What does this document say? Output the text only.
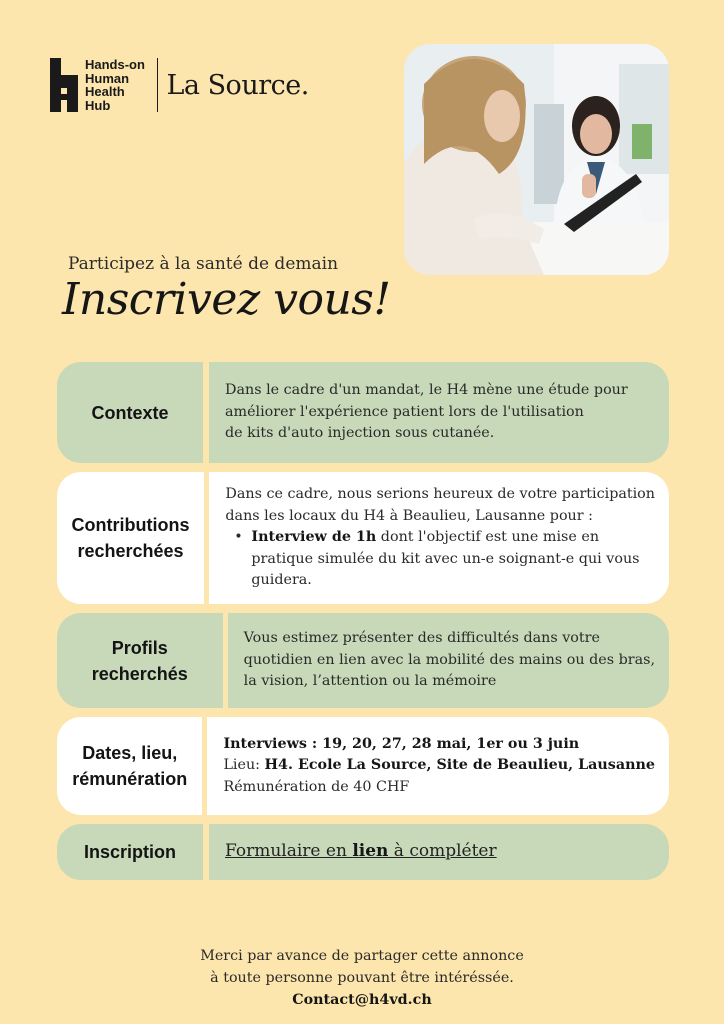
Hands-on
Human
Health
Hub
La Source.
Participez à la santé de demain
Inscrivez vous!
Contexte

Dans le cadre d'un mandat, le H4 mène une étude pour

améliorer l'expérience patient lors de l'utilisation

de kits d'auto injection sous cutanée.

Contributions recherchées

Dans ce cadre, nous serions heureux de votre participation

dans les locaux du H4 à Beaulieu, Lausanne pour :

• Interview de 1h dont l'objectif est une mise en

pratique simulée du kit avec un-e soignant-e qui vous

guidera.

Profils recherchés

Vous estimez présenter des difficultés dans votre

quotidien en lien avec la mobilité des mains ou des bras,

la vision, l’attention ou la mémoire

Dates, lieu, rémunération

Interviews : 19, 20, 27, 28 mai, 1er ou 3 juin

Lieu: H4. Ecole La Source, Site de Beaulieu, Lausanne

Rémunération de 40 CHF

Inscription	Formulaire en lien à compléter
Merci par avance de partager cette annonce
à toute personne pouvant être intéréssée.
Contact@h4vd.ch
